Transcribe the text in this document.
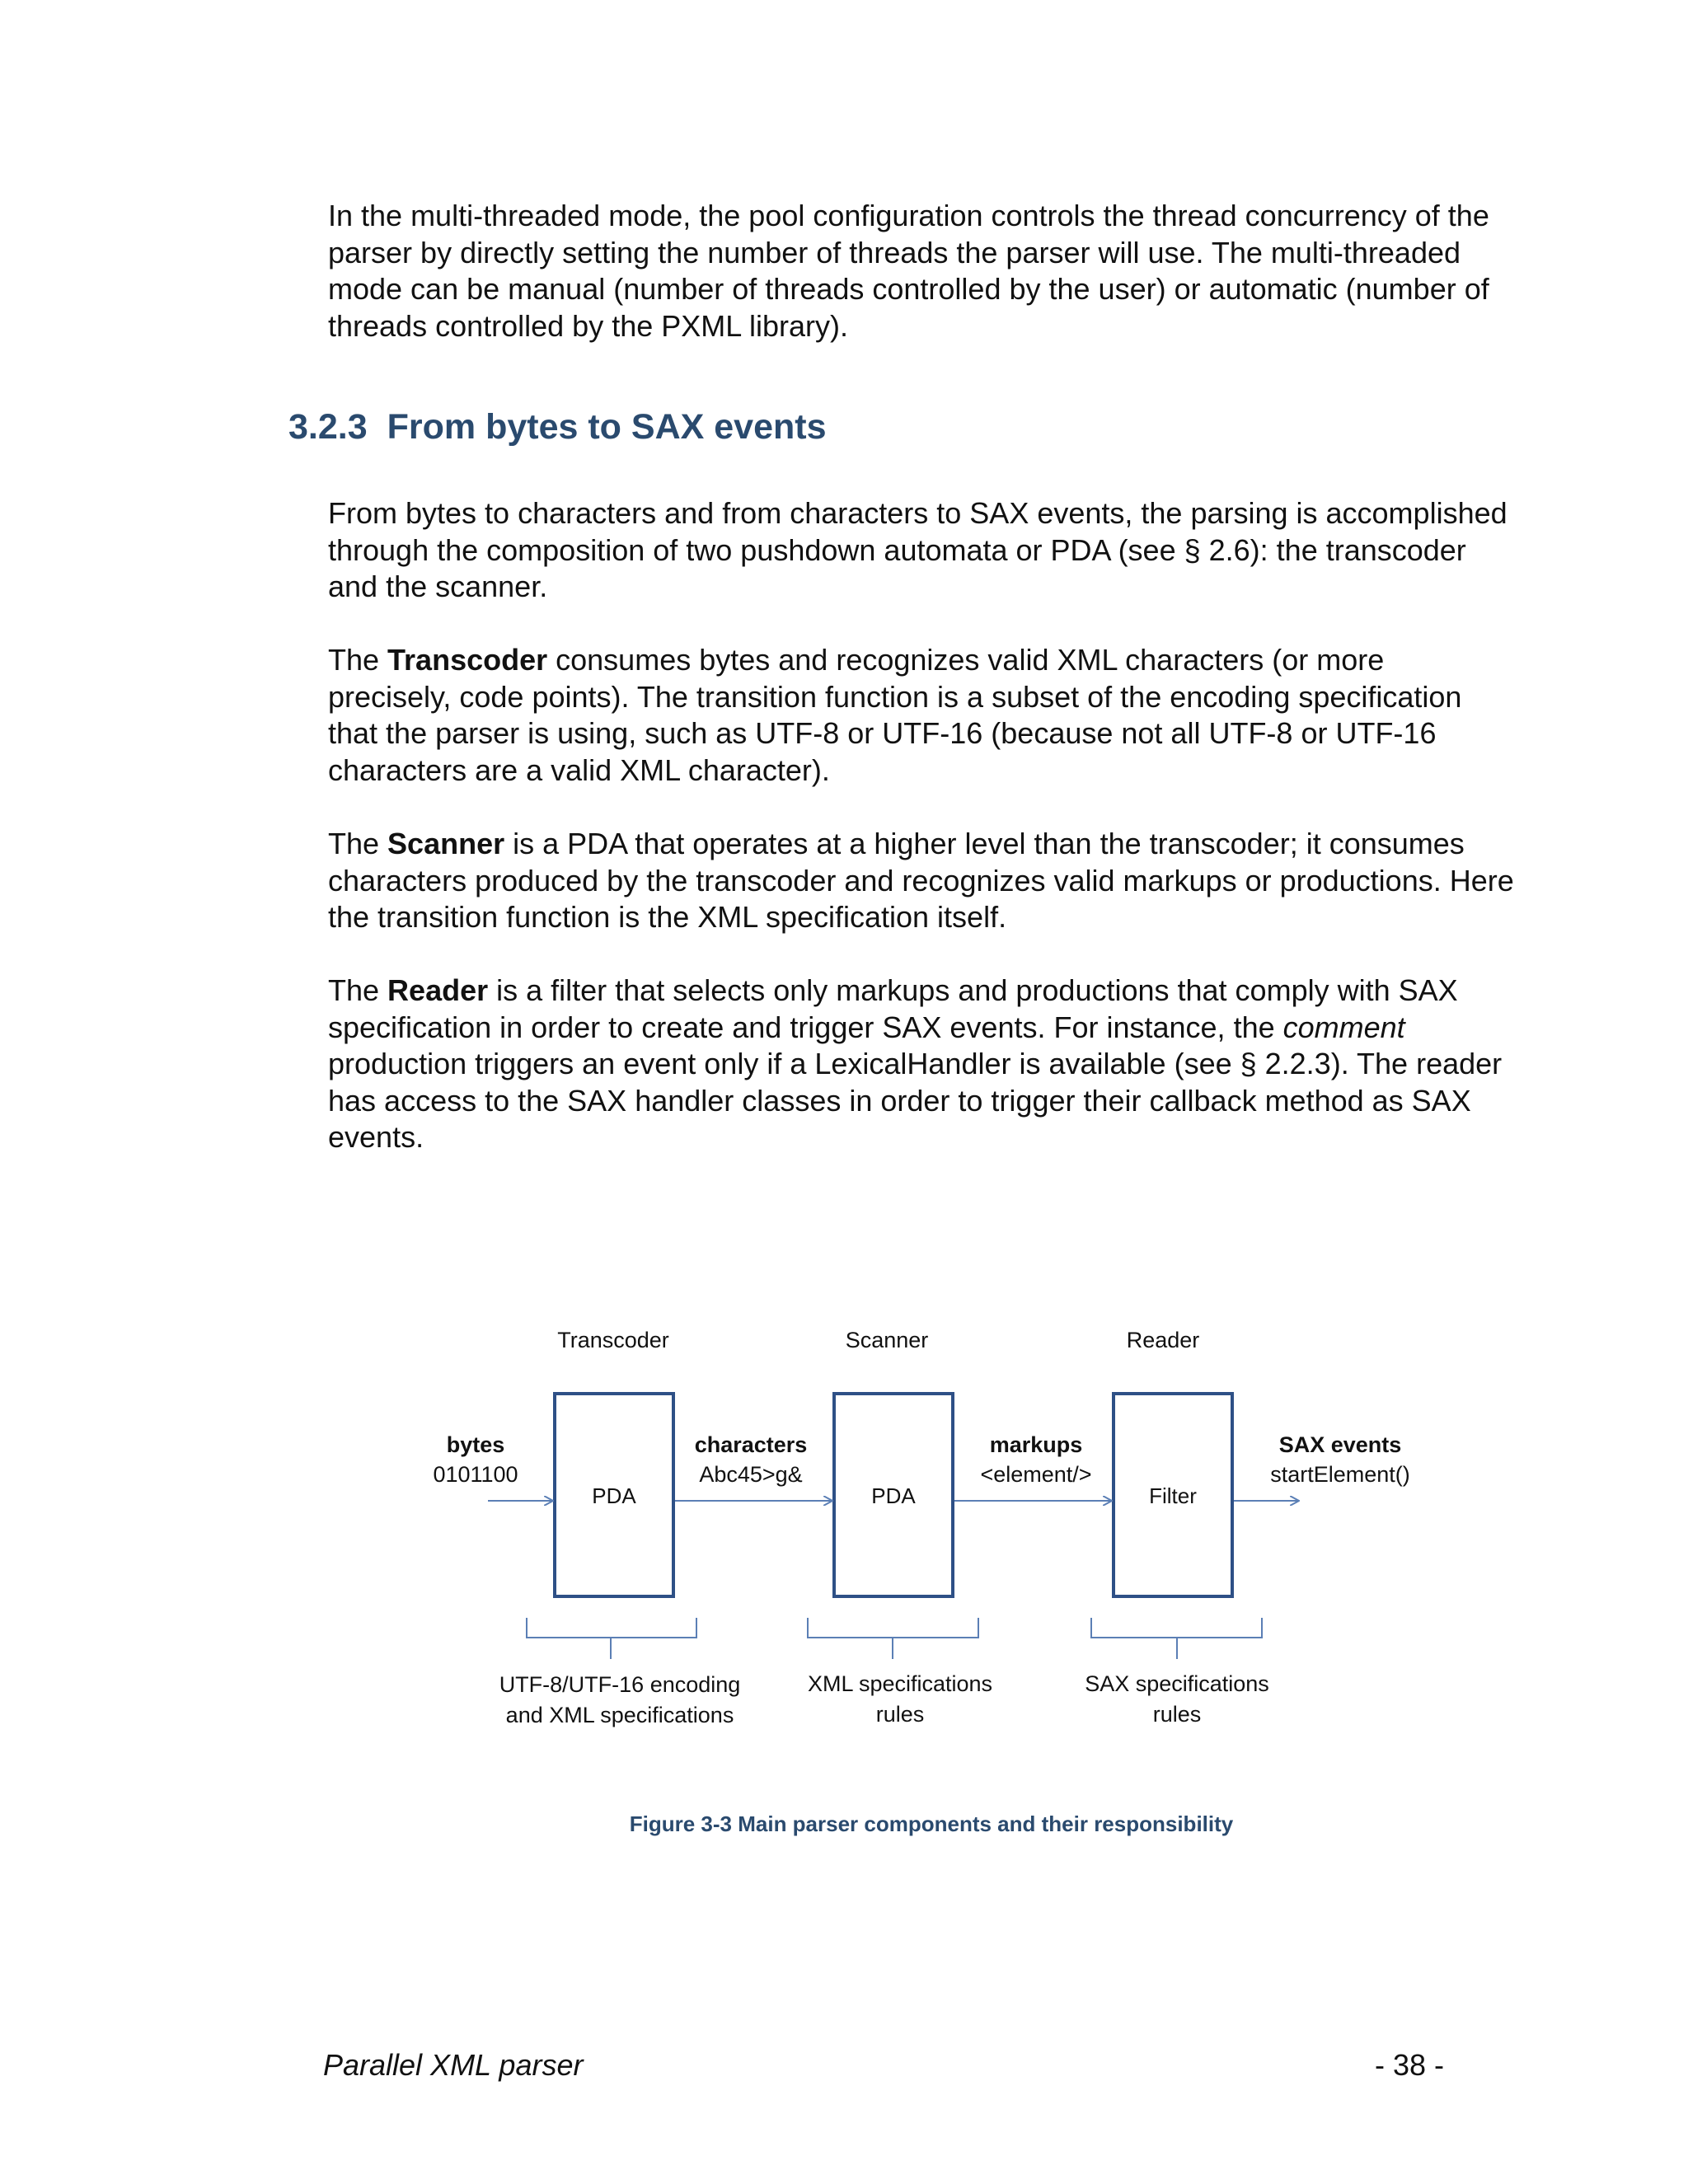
In the multi-threaded mode, the pool configuration controls the thread concurrency of the parser by directly setting the number of threads the parser will use. The multi-threaded mode can be manual (number of threads controlled by the user) or automatic (number of threads controlled by the PXML library).

3.2.3 From bytes to SAX events

From bytes to characters and from characters to SAX events, the parsing is accomplished through the composition of two pushdown automata or PDA (see § 2.6): the transcoder and the scanner.

The Transcoder consumes bytes and recognizes valid XML characters (or more precisely, code points). The transition function is a subset of the encoding specification that the parser is using, such as UTF-8 or UTF-16 (because not all UTF-8 or UTF-16 characters are a valid XML character).

The Scanner is a PDA that operates at a higher level than the transcoder; it consumes characters produced by the transcoder and recognizes valid markups or productions. Here the transition function is the XML specification itself.

The Reader is a filter that selects only markups and productions that comply with SAX specification in order to create and trigger SAX events. For instance, the comment production triggers an event only if a LexicalHandler is available (see § 2.2.3). The reader has access to the SAX handler classes in order to trigger their callback method as SAX events.

Transcoder	Scanner	Reader
PDA	PDA	Filter
bytes
0101100
characters
Abc45>g&
markups
<element/>
SAX events
startElement()
UTF-8/UTF-16 encoding
and XML specifications
XML specifications
rules
SAX specifications
rules
Figure 3-3 Main parser components and their responsibility
Parallel XML parser	- 38 -
